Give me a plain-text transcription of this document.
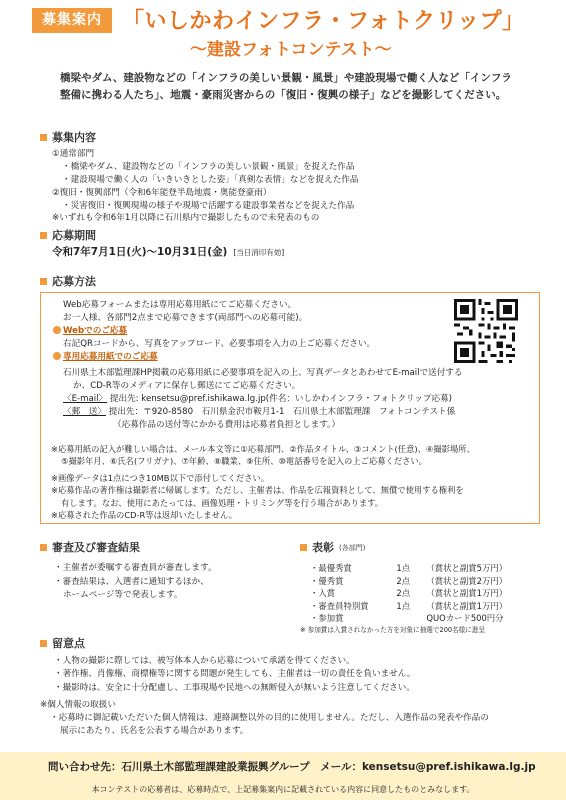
募集案内 「いしかわインフラ・フォトクリップ」
〜建設フォトコンテスト〜
橋梁やダム、建設物などの「インフラの美しい景観・風景」や建設現場で働く人など「インフラ
整備に携わる人たち」、地震・豪雨災害からの「復旧・復興の様子」などを撮影してください。
募集内容
①通常部門
・ 橋梁やダム、建設物などの「インフラの美しい景観・風景」を捉えた作品
・ 建設現場で働く人の「いきいきとした姿」「真剣な表情」などを捉えた作品
②復旧・復興部門（令和6年能登半島地震・奥能登豪雨）
・ 災害復旧・復興現場の様子や現場で活躍する建設事業者などを捉えた作品
※いずれも令和6年1月以降に石川県内で撮影したもので未発表のもの
応募期間
令和7年7月1日(火)〜10月31日(金) [当日消印有効]
応募方法
Web応募フォームまたは専用応募用紙にてご応募ください。
お一人様、各部門2点まで応募できます(両部門への応募可能)。
Webでのご応募
右記QRコードから、写真をアップロード、必要事項を入力の上ご応募ください。
専用応募用紙でのご応募
石川県土木部監理課HP掲載の応募用紙に必要事項を記入の上、写真データとあわせてE-mailで送付する
か、CD-R等のメディアに保存し郵送にてご応募ください。
〈E-mail〉 提出先: kensetsu@pref.ishikawa.lg.jp(件名：いしかわインフラ・フォトクリップ応募)
〈郵　送〉 提出先：〒920-8580　石川県金沢市鞍月1-1　石川県土木部監理課　フォトコンテスト係
（応募作品の送付等にかかる費用は応募者負担とします。）
※応募用紙の記入が難しい場合は、メール本文等に①応募部門、②作品タイトル、③コメント(任意)、④撮影場所、
⑤撮影年月、⑥氏名(フリガナ)、⑦年齢、⑧職業、⑨住所、⑩電話番号を記入の上ご応募ください。
※画像データは1点につき10MB以下で添付してください。
※応募作品の著作権は撮影者に帰属します。ただし、主催者は、作品を広報資料として、無償で使用する権利を
有します。なお、使用にあたっては、画像処理・トリミング等を行う場合があります。
※応募された作品のCD-R等は返却いたしません。
審査及び審査結果
・ 主催者が委嘱する審査員が審査します。
・ 審査結果は、入選者に通知するほか、
ホームページ等で発表します。
表彰 (各部門)
・ 最優秀賞	1点	（賞状と副賞5万円）
・ 優秀賞	2点	（賞状と副賞2万円）
・ 入賞	2点	（賞状と副賞1万円）
・ 審査員特別賞	1点	（賞状と副賞1万円）
・ 参加賞	QUOカード500円分
※ 参加賞は入賞されなかった方を対象に抽選で200名様に進呈
留意点
・ 人物の撮影に際しては、被写体本人から応募について承諾を得てください。
・ 著作権、肖像権、商標権等に関する問題が発生しても、主催者は一切の責任を負いません。
・ 撮影時は、安全に十分配慮し、工事現場や民地への無断侵入が無いよう注意してください。
※個人情報の取扱い
・ 応募時に御記載いただいた個人情報は、連絡調整以外の目的に使用しません。ただし、入選作品の発表や作品の
展示にあたり、氏名を公表する場合があります。
問い合わせ先：石川県土木部監理課建設業振興グループ　メール：kensetsu@pref.ishikawa.lg.jp
本コンテストの応募者は、応募時点で、上記募集案内に記載されている内容に同意したものとみなします。
